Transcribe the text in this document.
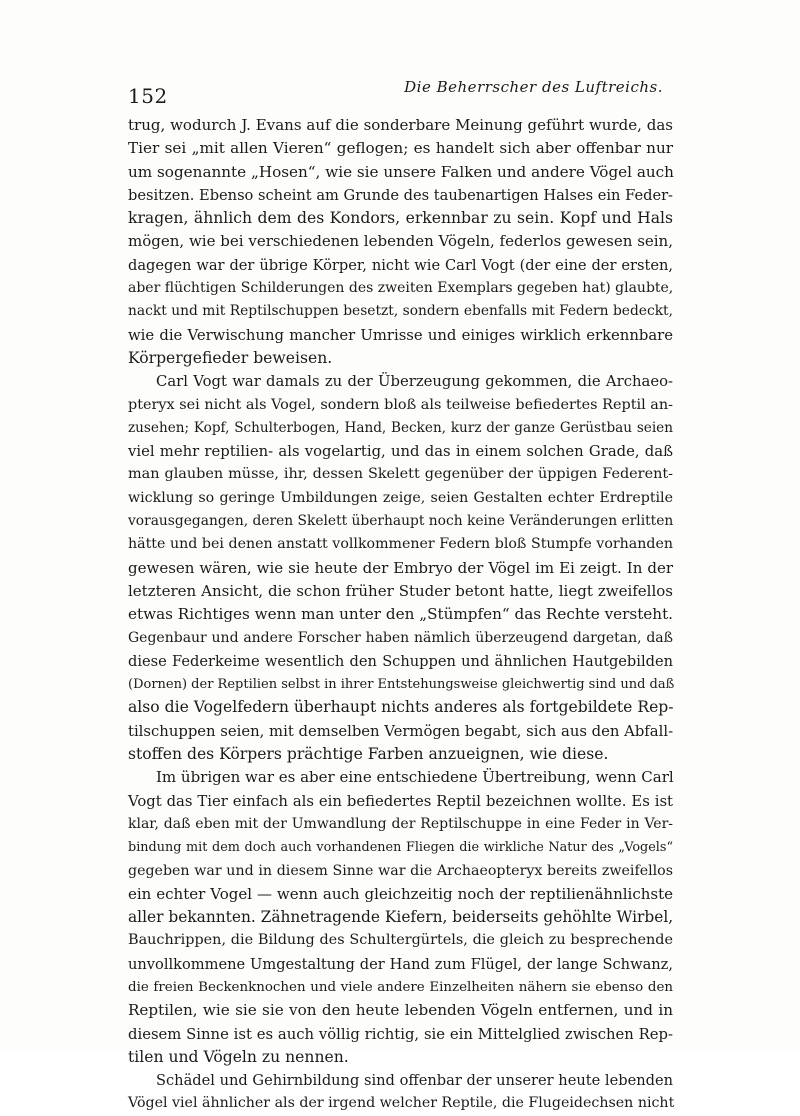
152	Die Beherrscher des Luftreichs.
trug, wodurch J. Evans auf die sonderbare Meinung geführt wurde, das
Tier sei „mit allen Vieren“ geflogen; es handelt sich aber offenbar nur
um sogenannte „Hosen“, wie sie unsere Falken und andere Vögel auch
besitzen. Ebenso scheint am Grunde des taubenartigen Halses ein Feder-
kragen, ähnlich dem des Kondors, erkennbar zu sein. Kopf und Hals
mögen, wie bei verschiedenen lebenden Vögeln, federlos gewesen sein,
dagegen war der übrige Körper, nicht wie Carl Vogt (der eine der ersten,
aber flüchtigen Schilderungen des zweiten Exemplars gegeben hat) glaubte,
nackt und mit Reptilschuppen besetzt, sondern ebenfalls mit Federn bedeckt,
wie die Verwischung mancher Umrisse und einiges wirklich erkennbare
Körpergefieder beweisen.
Carl Vogt war damals zu der Überzeugung gekommen, die Archaeo-
pteryx sei nicht als Vogel, sondern bloß als teilweise befiedertes Reptil an-
zusehen; Kopf, Schulterbogen, Hand, Becken, kurz der ganze Gerüstbau seien
viel mehr reptilien- als vogelartig, und das in einem solchen Grade, daß
man glauben müsse, ihr, dessen Skelett gegenüber der üppigen Federent-
wicklung so geringe Umbildungen zeige, seien Gestalten echter Erdreptile
vorausgegangen, deren Skelett überhaupt noch keine Veränderungen erlitten
hätte und bei denen anstatt vollkommener Federn bloß Stumpfe vorhanden
gewesen wären, wie sie heute der Embryo der Vögel im Ei zeigt. In der
letzteren Ansicht, die schon früher Studer betont hatte, liegt zweifellos
etwas Richtiges wenn man unter den „Stümpfen“ das Rechte versteht.
Gegenbaur und andere Forscher haben nämlich überzeugend dargetan, daß
diese Federkeime wesentlich den Schuppen und ähnlichen Hautgebilden
(Dornen) der Reptilien selbst in ihrer Entstehungsweise gleichwertig sind und daß
also die Vogelfedern überhaupt nichts anderes als fortgebildete Rep-
tilschuppen seien, mit demselben Vermögen begabt, sich aus den Abfall-
stoffen des Körpers prächtige Farben anzueignen, wie diese.
Im übrigen war es aber eine entschiedene Übertreibung, wenn Carl
Vogt das Tier einfach als ein befiedertes Reptil bezeichnen wollte. Es ist
klar, daß eben mit der Umwandlung der Reptilschuppe in eine Feder in Ver-
bindung mit dem doch auch vorhandenen Fliegen die wirkliche Natur des „Vogels“
gegeben war und in diesem Sinne war die Archaeopteryx bereits zweifellos
ein echter Vogel — wenn auch gleichzeitig noch der reptilienähnlichste
aller bekannten. Zähnetragende Kiefern, beiderseits gehöhlte Wirbel,
Bauchrippen, die Bildung des Schultergürtels, die gleich zu besprechende
unvollkommene Umgestaltung der Hand zum Flügel, der lange Schwanz,
die freien Beckenknochen und viele andere Einzelheiten nähern sie ebenso den
Reptilen, wie sie sie von den heute lebenden Vögeln entfernen, und in
diesem Sinne ist es auch völlig richtig, sie ein Mittelglied zwischen Rep-
tilen und Vögeln zu nennen.
Schädel und Gehirnbildung sind offenbar der unserer heute lebenden
Vögel viel ähnlicher als der irgend welcher Reptile, die Flugeidechsen nicht
